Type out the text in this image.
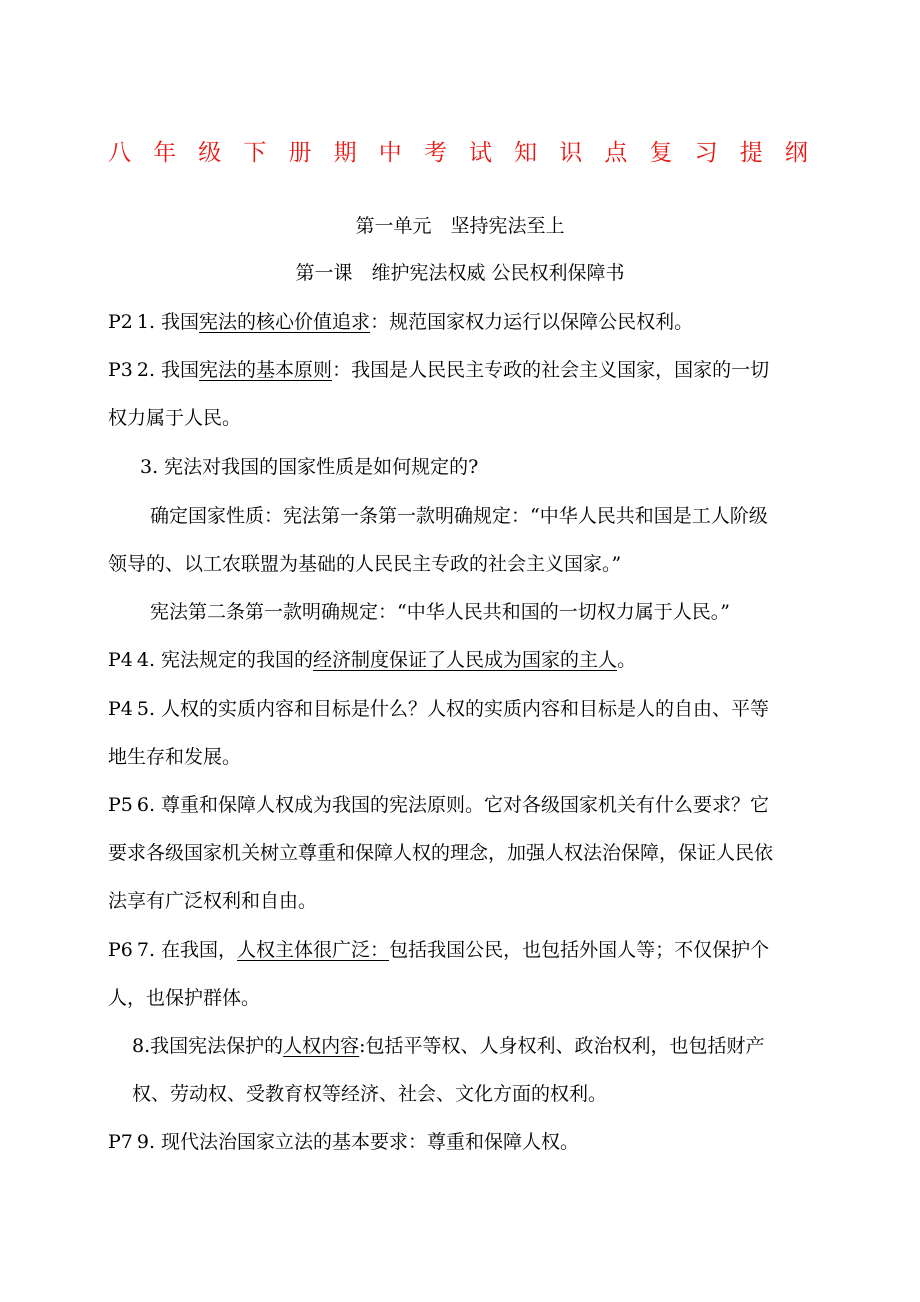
八 年 级 下 册 期 中 考 试 知 识 点 复 习 提 纲
第一单元　坚持宪法至上
第一课　维护宪法权威 公民权利保障书
P2 1. 我国宪法的核心价值追求：规范国家权力运行以保障公民权利。
P3 2. 我国宪法的基本原则：我国是人民民主专政的社会主义国家，国家的一切
权力属于人民。
3. 宪法对我国的国家性质是如何规定的?
确定国家性质：宪法第一条第一款明确规定：“中华人民共和国是工人阶级
领导的、以工农联盟为基础的人民民主专政的社会主义国家。”
宪法第二条第一款明确规定：“中华人民共和国的一切权力属于人民。”
P4 4. 宪法规定的我国的经济制度保证了人民成为国家的主人。
P4 5. 人权的实质内容和目标是什么？人权的实质内容和目标是人的自由、平等
地生存和发展。
P5 6. 尊重和保障人权成为我国的宪法原则。它对各级国家机关有什么要求？它
要求各级国家机关树立尊重和保障人权的理念，加强人权法治保障，保证人民依
法享有广泛权利和自由。
P6 7. 在我国，人权主体很广泛：包括我国公民，也包括外国人等；不仅保护个
人，也保护群体。
8.我国宪法保护的人权内容:包括平等权、人身权利、政治权利，也包括财产
权、劳动权、受教育权等经济、社会、文化方面的权利。
P7 9. 现代法治国家立法的基本要求：尊重和保障人权。
